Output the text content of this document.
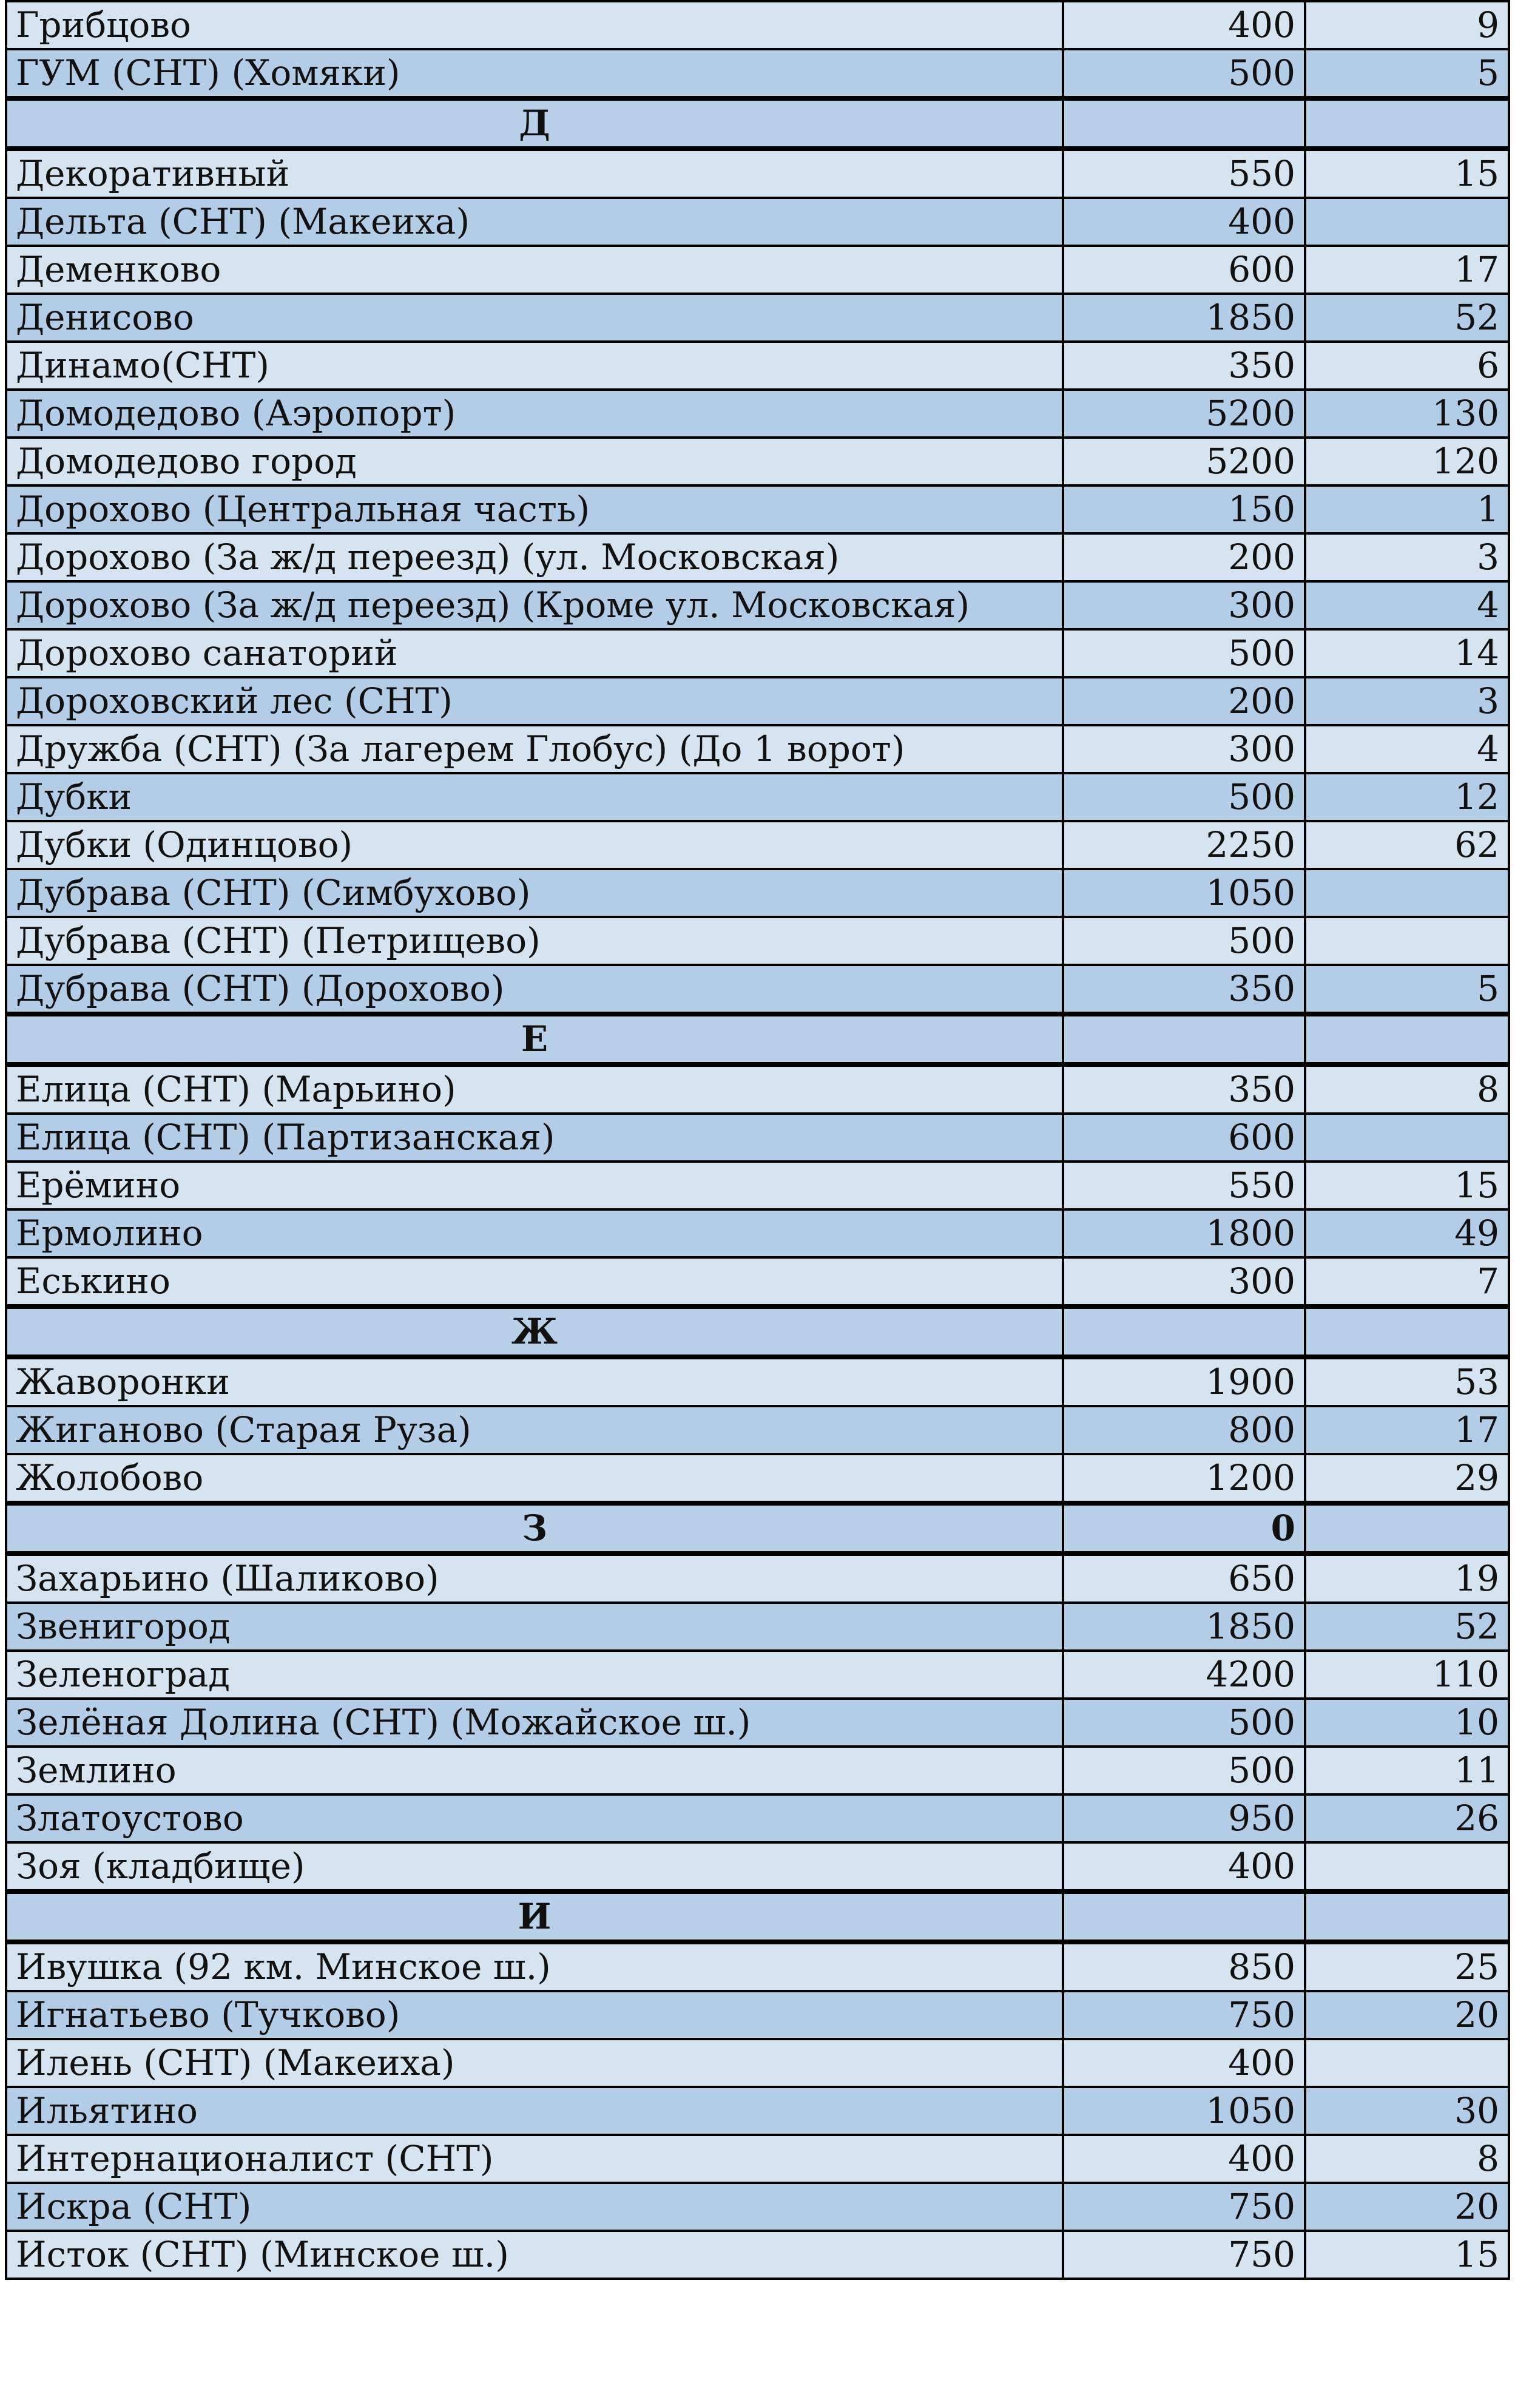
Грибцово	400	9
ГУМ (СНТ) (Хомяки)	500	5
Д		
Декоративный	550	15
Дельта (СНТ) (Макеиха)	400	
Деменково	600	17
Денисово	1850	52
Динамо(СНТ)	350	6
Домодедово (Аэропорт)	5200	130
Домодедово город	5200	120
Дорохово (Центральная часть)	150	1
Дорохово (За ж/д переезд) (ул. Московская)	200	3
Дорохово (За ж/д переезд) (Кроме ул. Московская)	300	4
Дорохово санаторий	500	14
Дороховский лес (СНТ)	200	3
Дружба (СНТ) (За лагерем Глобус) (До 1 ворот)	300	4
Дубки	500	12
Дубки (Одинцово)	2250	62
Дубрава (СНТ) (Симбухово)	1050	
Дубрава (СНТ) (Петрищево)	500	
Дубрава (СНТ) (Дорохово)	350	5
Е		
Елица (СНТ) (Марьино)	350	8
Елица (СНТ) (Партизанская)	600	
Ерёмино	550	15
Ермолино	1800	49
Еськино	300	7
Ж		
Жаворонки	1900	53
Жиганово (Старая Руза)	800	17
Жолобово	1200	29
З	0	
Захарьино (Шаликово)	650	19
Звенигород	1850	52
Зеленоград	4200	110
Зелёная Долина (СНТ) (Можайское ш.)	500	10
Землино	500	11
Златоустово	950	26
Зоя (кладбище)	400	
И		
Ивушка (92 км. Минское ш.)	850	25
Игнатьево (Тучково)	750	20
Илень (СНТ) (Макеиха)	400	
Ильятино	1050	30
Интернационалист (СНТ)	400	8
Искра (СНТ)	750	20
Исток (СНТ) (Минское ш.)	750	15
